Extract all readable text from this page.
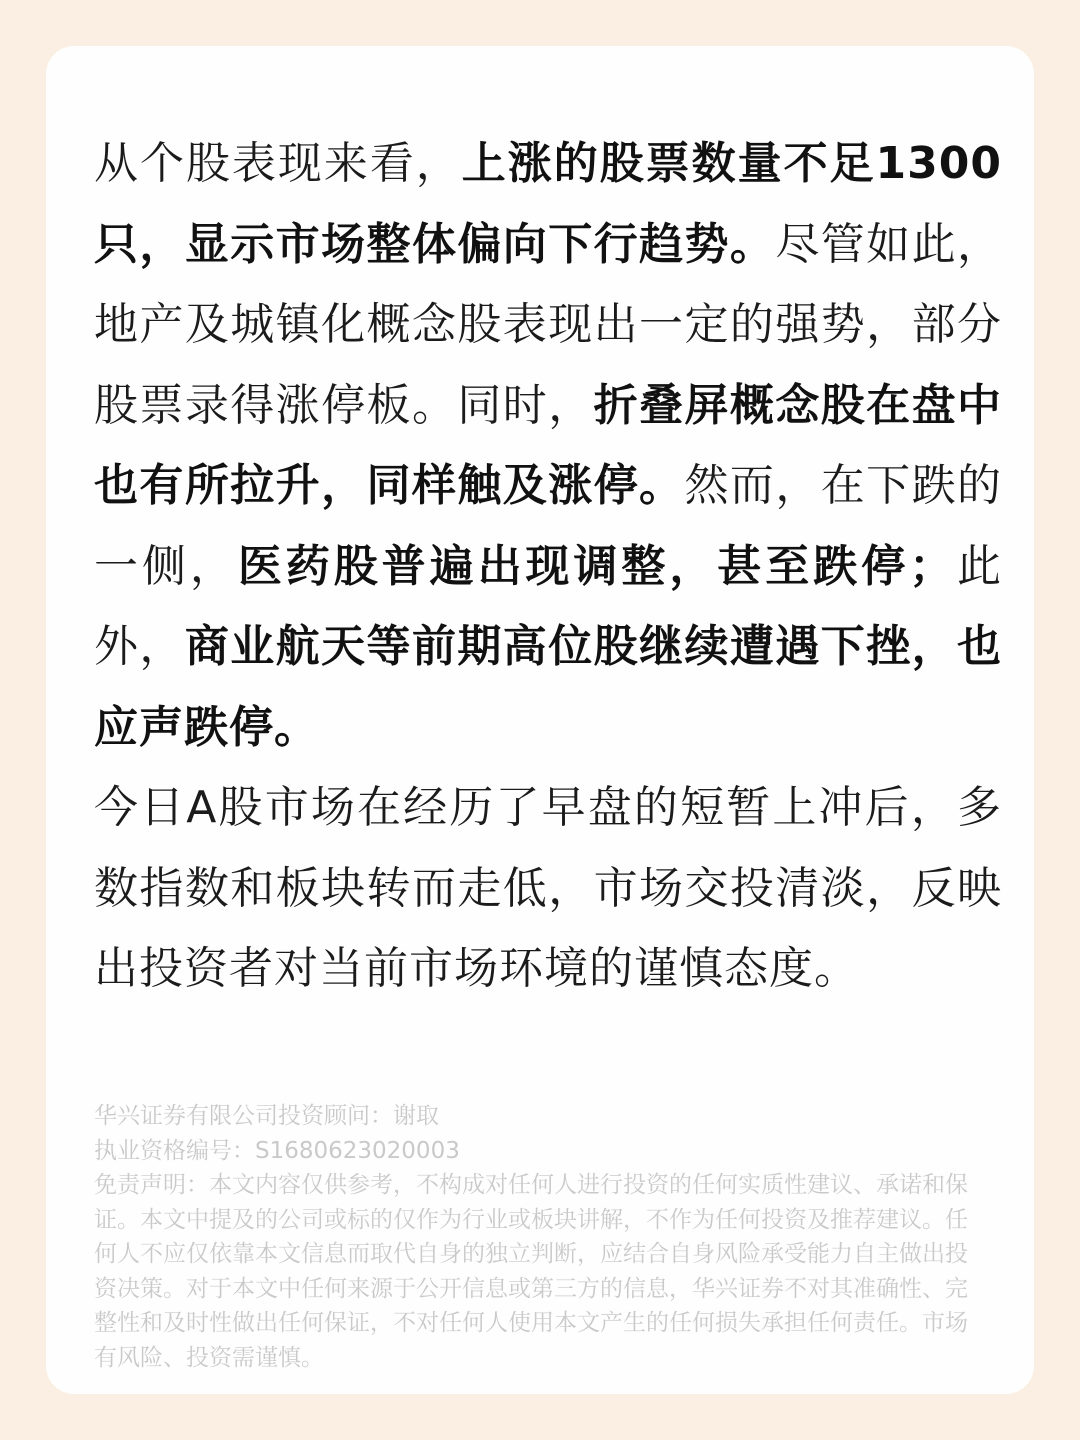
从个股表现来看，上涨的股票数量不足1300只，显示市场整体偏向下行趋势。尽管如此，地产及城镇化概念股表现出一定的强势，部分股票录得涨停板。同时，折叠屏概念股在盘中也有所拉升，同样触及涨停。然而，在下跌的一侧，医药股普遍出现调整，甚至跌停；此外，商业航天等前期高位股继续遭遇下挫，也应声跌停。

今日A股市场在经历了早盘的短暂上冲后，多数指数和板块转而走低，市场交投清淡，反映出投资者对当前市场环境的谨慎态度。

华兴证券有限公司投资顾问：谢取
执业资格编号：S1680623020003
免责声明：本文内容仅供参考，不构成对任何人进行投资的任何实质性建议、承诺和保证。本文中提及的公司或标的仅作为行业或板块讲解，不作为任何投资及推荐建议。任何人不应仅依靠本文信息而取代自身的独立判断，应结合自身风险承受能力自主做出投资决策。对于本文中任何来源于公开信息或第三方的信息，华兴证券不对其准确性、完整性和及时性做出任何保证，不对任何人使用本文产生的任何损失承担任何责任。市场有风险、投资需谨慎。
